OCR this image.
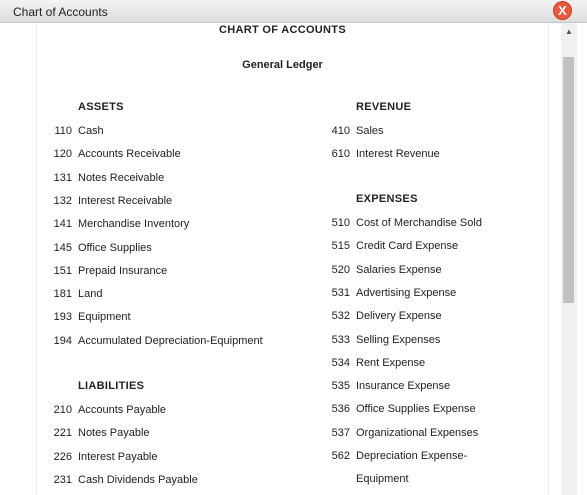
Chart of Accounts	X
CHART OF ACCOUNTS
General Ledger
ASSETS
110 Cash
120 Accounts Receivable
131 Notes Receivable
132 Interest Receivable
141 Merchandise Inventory
145 Office Supplies
151 Prepaid Insurance
181 Land
193 Equipment
194 Accumulated Depreciation-Equipment
LIABILITIES
210 Accounts Payable
221 Notes Payable
226 Interest Payable
231 Cash Dividends Payable
REVENUE
410 Sales
610 Interest Revenue
EXPENSES
510 Cost of Merchandise Sold
515 Credit Card Expense
520 Salaries Expense
531 Advertising Expense
532 Delivery Expense
533 Selling Expenses
534 Rent Expense
535 Insurance Expense
536 Office Supplies Expense
537 Organizational Expenses
562 Depreciation Expense-
Equipment
▲
